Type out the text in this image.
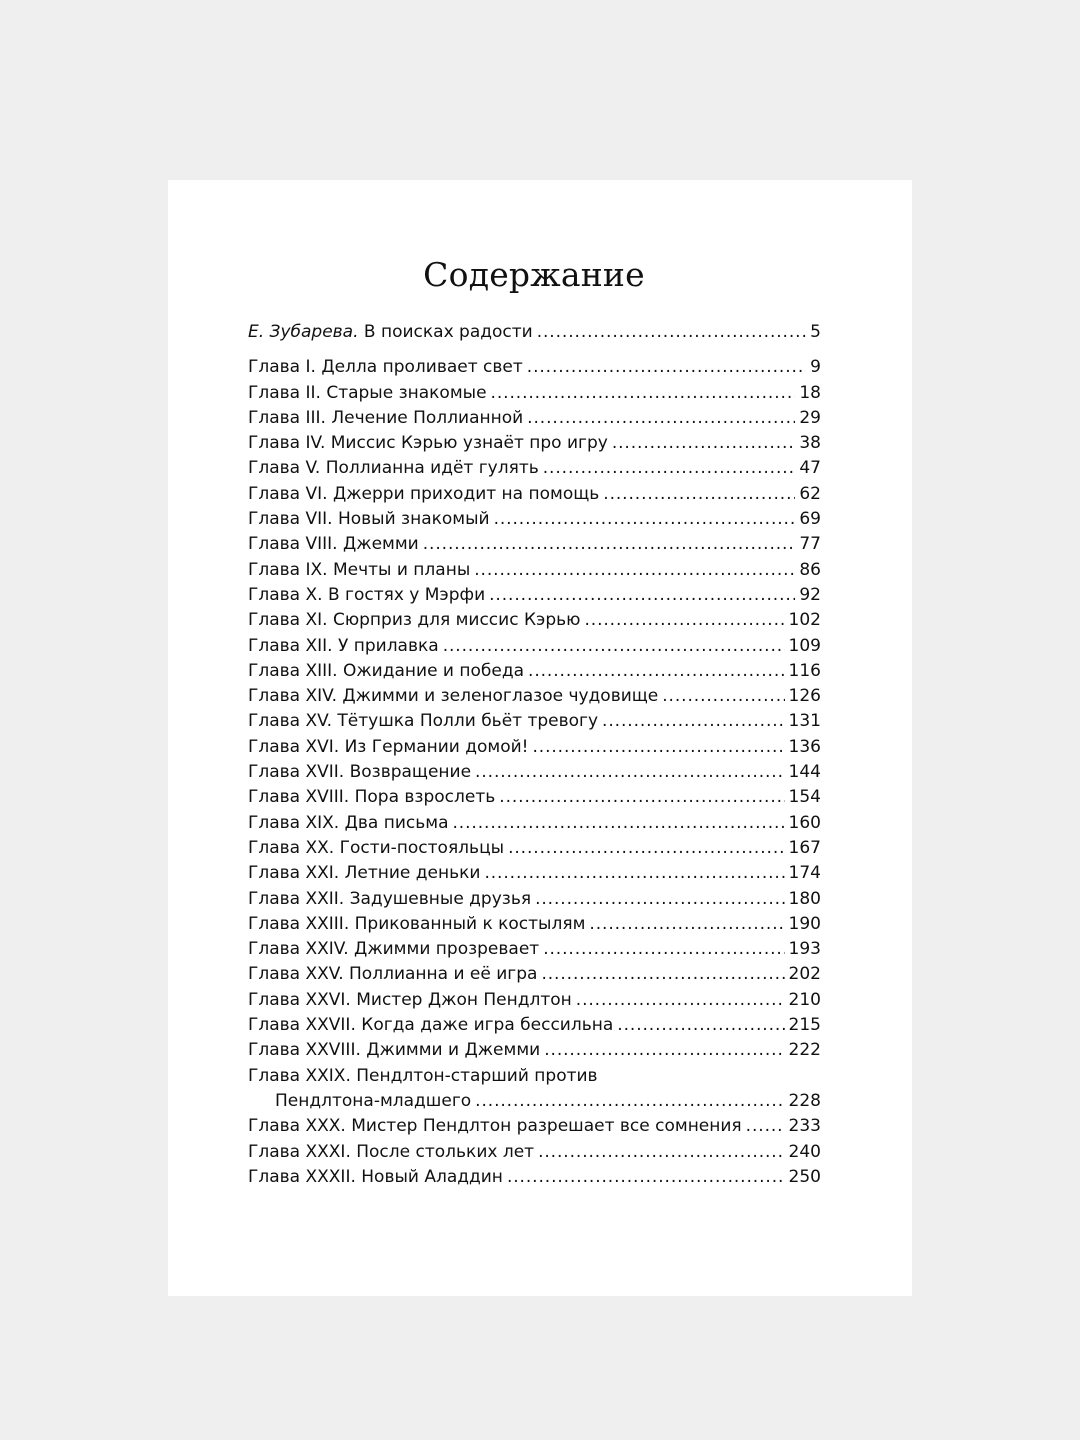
Содержание
Е. Зубарева. В поисках радости .....	5
Глава I. Делла проливает свет .....	9
Глава II. Старые знакомые .....	18
Глава III. Лечение Поллианной .....	29
Глава IV. Миссис Кэрью узнаёт про игру .....	38
Глава V. Поллианна идёт гулять .....	47
Глава VI. Джерри приходит на помощь .....	62
Глава VII. Новый знакомый .....	69
Глава VIII. Джемми .....	77
Глава IX. Мечты и планы .....	86
Глава X. В гостях у Мэрфи .....	92
Глава XI. Сюрприз для миссис Кэрью .....	102
Глава XII. У прилавка .....	109
Глава XIII. Ожидание и победа .....	116
Глава XIV. Джимми и зеленоглазое чудовище .....	126
Глава XV. Тётушка Полли бьёт тревогу .....	131
Глава XVI. Из Германии домой! .....	136
Глава XVII. Возвращение .....	144
Глава XVIII. Пора взрослеть .....	154
Глава XIX. Два письма .....	160
Глава XX. Гости-постояльцы .....	167
Глава XXI. Летние деньки .....	174
Глава XXII. Задушевные друзья .....	180
Глава XXIII. Прикованный к костылям .....	190
Глава XXIV. Джимми прозревает .....	193
Глава XXV. Поллианна и её игра .....	202
Глава XXVI. Мистер Джон Пендлтон .....	210
Глава XXVII. Когда даже игра бессильна .....	215
Глава XXVIII. Джимми и Джемми .....	222
Глава XXIX. Пендлтон-старший против
Пендлтона-младшего .....	228
Глава XXX. Мистер Пендлтон разрешает все сомнения .....	233
Глава XXXI. После стольких лет .....	240
Глава XXXII. Новый Аладдин .....	250
